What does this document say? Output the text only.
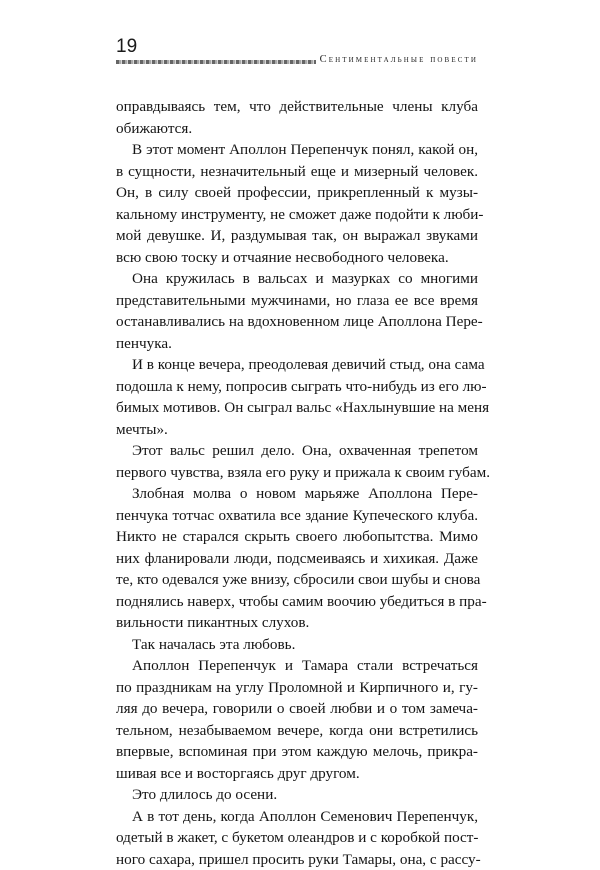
19
Сентиментальные повести
оправдываясь тем, что действительные члены клуба
обижаются.
В этот момент Аполлон Перепенчук понял, какой он,
в сущности, незначительный еще и мизерный человек.
Он, в силу своей профессии, прикрепленный к музы-
кальному инструменту, не сможет даже подойти к люби-
мой девушке. И, раздумывая так, он выражал звуками
всю свою тоску и отчаяние несвободного человека.
Она кружилась в вальсах и мазурках со многими
представительными мужчинами, но глаза ее все время
останавливались на вдохновенном лице Аполлона Пере-
пенчука.
И в конце вечера, преодолевая девичий стыд, она сама
подошла к нему, попросив сыграть что-нибудь из его лю-
бимых мотивов. Он сыграл вальс «Нахлынувшие на меня
мечты».
Этот вальс решил дело. Она, охваченная трепетом
первого чувства, взяла его руку и прижала к своим губам.
Злобная молва о новом марьяже Аполлона Пере-
пенчука тотчас охватила все здание Купеческого клуба.
Никто не старался скрыть своего любопытства. Мимо
них фланировали люди, подсмеиваясь и хихикая. Даже
те, кто одевался уже внизу, сбросили свои шубы и снова
поднялись наверх, чтобы самим воочию убедиться в пра-
вильности пикантных слухов.
Так началась эта любовь.
Аполлон Перепенчук и Тамара стали встречаться
по праздникам на углу Проломной и Кирпичного и, гу-
ляя до вечера, говорили о своей любви и о том замеча-
тельном, незабываемом вечере, когда они встретились
впервые, вспоминая при этом каждую мелочь, прикра-
шивая все и восторгаясь друг другом.
Это длилось до осени.
А в тот день, когда Аполлон Семенович Перепенчук,
одетый в жакет, с букетом олеандров и с коробкой пост-
ного сахара, пришел просить руки Тамары, она, с рассу-
